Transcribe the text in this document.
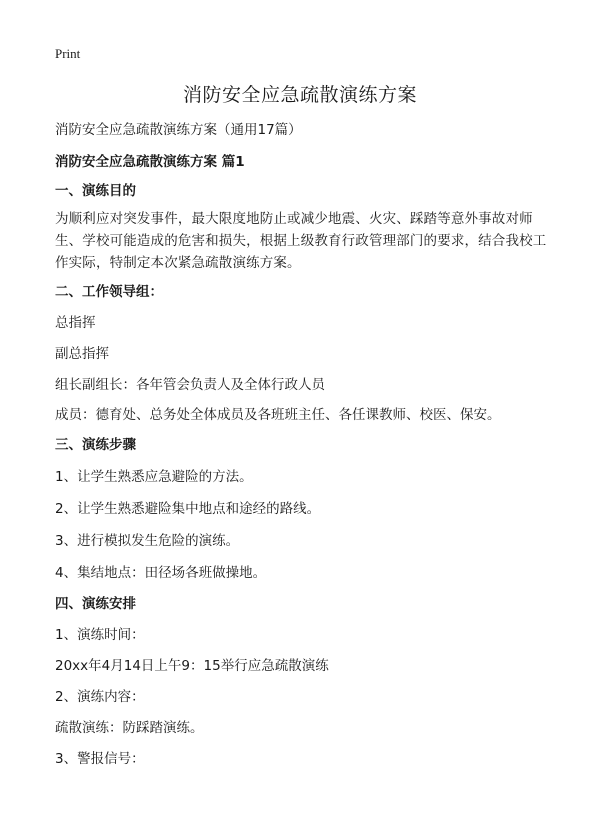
Print
消防安全应急疏散演练方案
消防安全应急疏散演练方案（通用17篇）
消防安全应急疏散演练方案 篇1
一、演练目的
为顺利应对突发事件，最大限度地防止或减少地震、火灾、踩踏等意外事故对师生、学校可能造成的危害和损失，根据上级教育行政管理部门的要求，结合我校工作实际，特制定本次紧急疏散演练方案。
二、工作领导组：
总指挥
副总指挥
组长副组长：各年管会负责人及全体行政人员
成员：德育处、总务处全体成员及各班班主任、各任课教师、校医、保安。
三、演练步骤
1、让学生熟悉应急避险的方法。
2、让学生熟悉避险集中地点和途经的路线。
3、进行模拟发生危险的演练。
4、集结地点：田径场各班做操地。
四、演练安排
1、演练时间：
20xx年4月14日上午9：15举行应急疏散演练
2、演练内容：
疏散演练：防踩踏演练。
3、警报信号：
